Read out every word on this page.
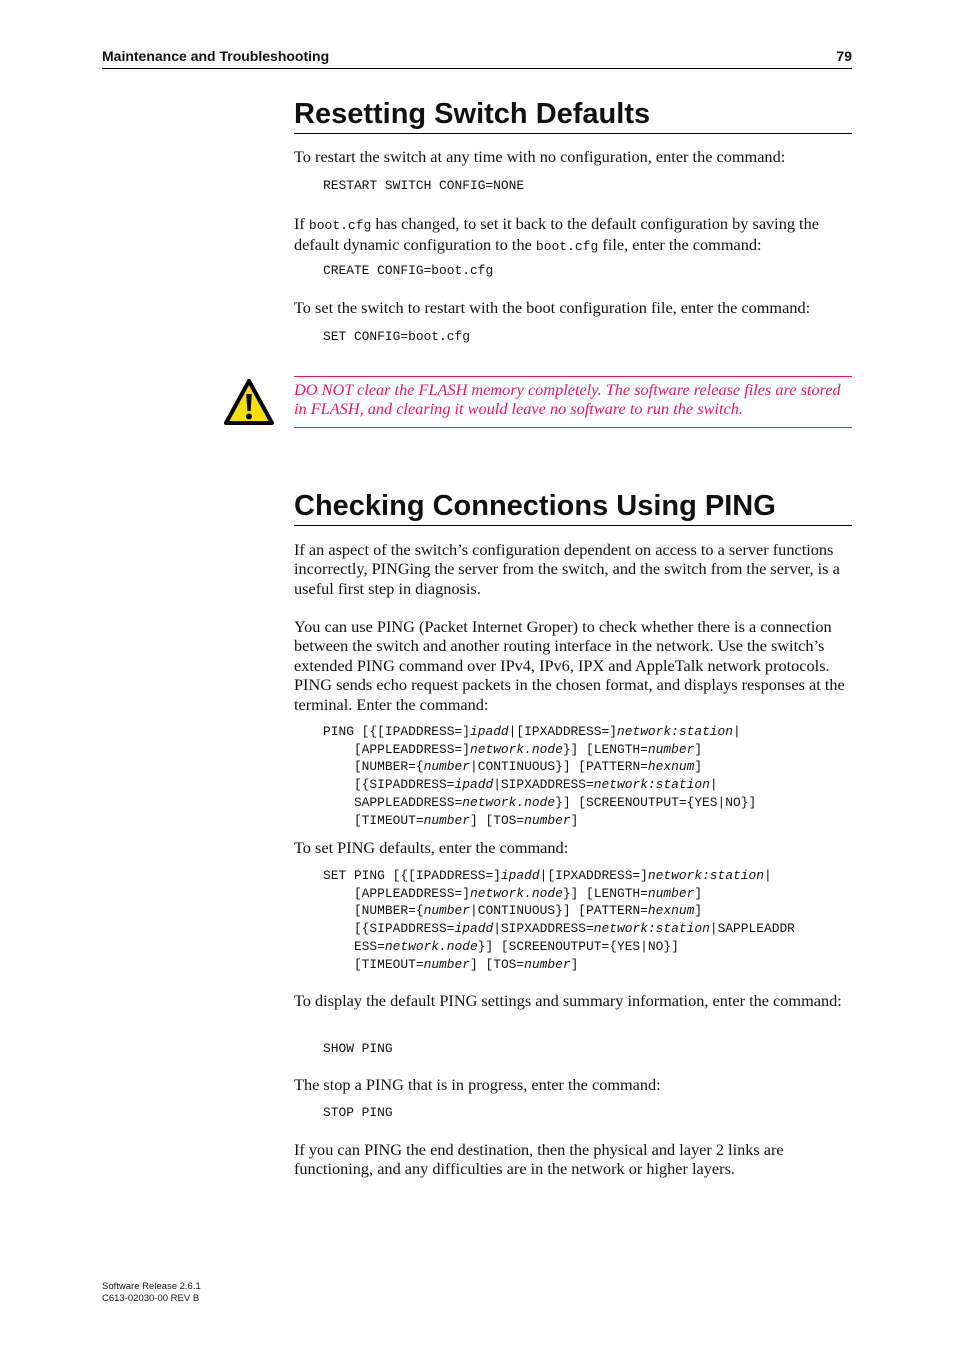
Maintenance and Troubleshooting	79
Resetting Switch Defaults

To restart the switch at any time with no configuration, enter the command:

RESTART SWITCH CONFIG=NONE

If boot.cfg has changed, to set it back to the default configuration by saving the default dynamic configuration to the boot.cfg file, enter the command:

CREATE CONFIG=boot.cfg

To set the switch to restart with the boot configuration file, enter the command:

SET CONFIG=boot.cfg

DO NOT clear the FLASH memory completely. The software release files are stored in FLASH, and clearing it would leave no software to run the switch.

Checking Connections Using PING

If an aspect of the switch’s configuration dependent on access to a server functions incorrectly, PINGing the server from the switch, and the switch from the server, is a useful first step in diagnosis.

You can use PING (Packet Internet Groper) to check whether there is a connection between the switch and another routing interface in the network. Use the switch’s extended PING command over IPv4, IPv6, IPX and AppleTalk network protocols. PING sends echo request packets in the chosen format, and displays responses at the terminal. Enter the command:

PING [{[IPADDRESS=]ipadd|[IPXADDRESS=]network:station|
[APPLEADDRESS=]network.node}] [LENGTH=number]
[NUMBER={number|CONTINUOUS}] [PATTERN=hexnum]
[{SIPADDRESS=ipadd|SIPXADDRESS=network:station|
SAPPLEADDRESS=network.node}] [SCREENOUTPUT={YES|NO}]
[TIMEOUT=number] [TOS=number]

To set PING defaults, enter the command:

SET PING [{[IPADDRESS=]ipadd|[IPXADDRESS=]network:station|
[APPLEADDRESS=]network.node}] [LENGTH=number]
[NUMBER={number|CONTINUOUS}] [PATTERN=hexnum]
[{SIPADDRESS=ipadd|SIPXADDRESS=network:station|SAPPLEADDR
ESS=network.node}] [SCREENOUTPUT={YES|NO}]
[TIMEOUT=number] [TOS=number]

To display the default PING settings and summary information, enter the command:

SHOW PING

The stop a PING that is in progress, enter the command:

STOP PING

If you can PING the end destination, then the physical and layer 2 links are functioning, and any difficulties are in the network or higher layers.

Software Release 2.6.1
C613-02030-00 REV B
